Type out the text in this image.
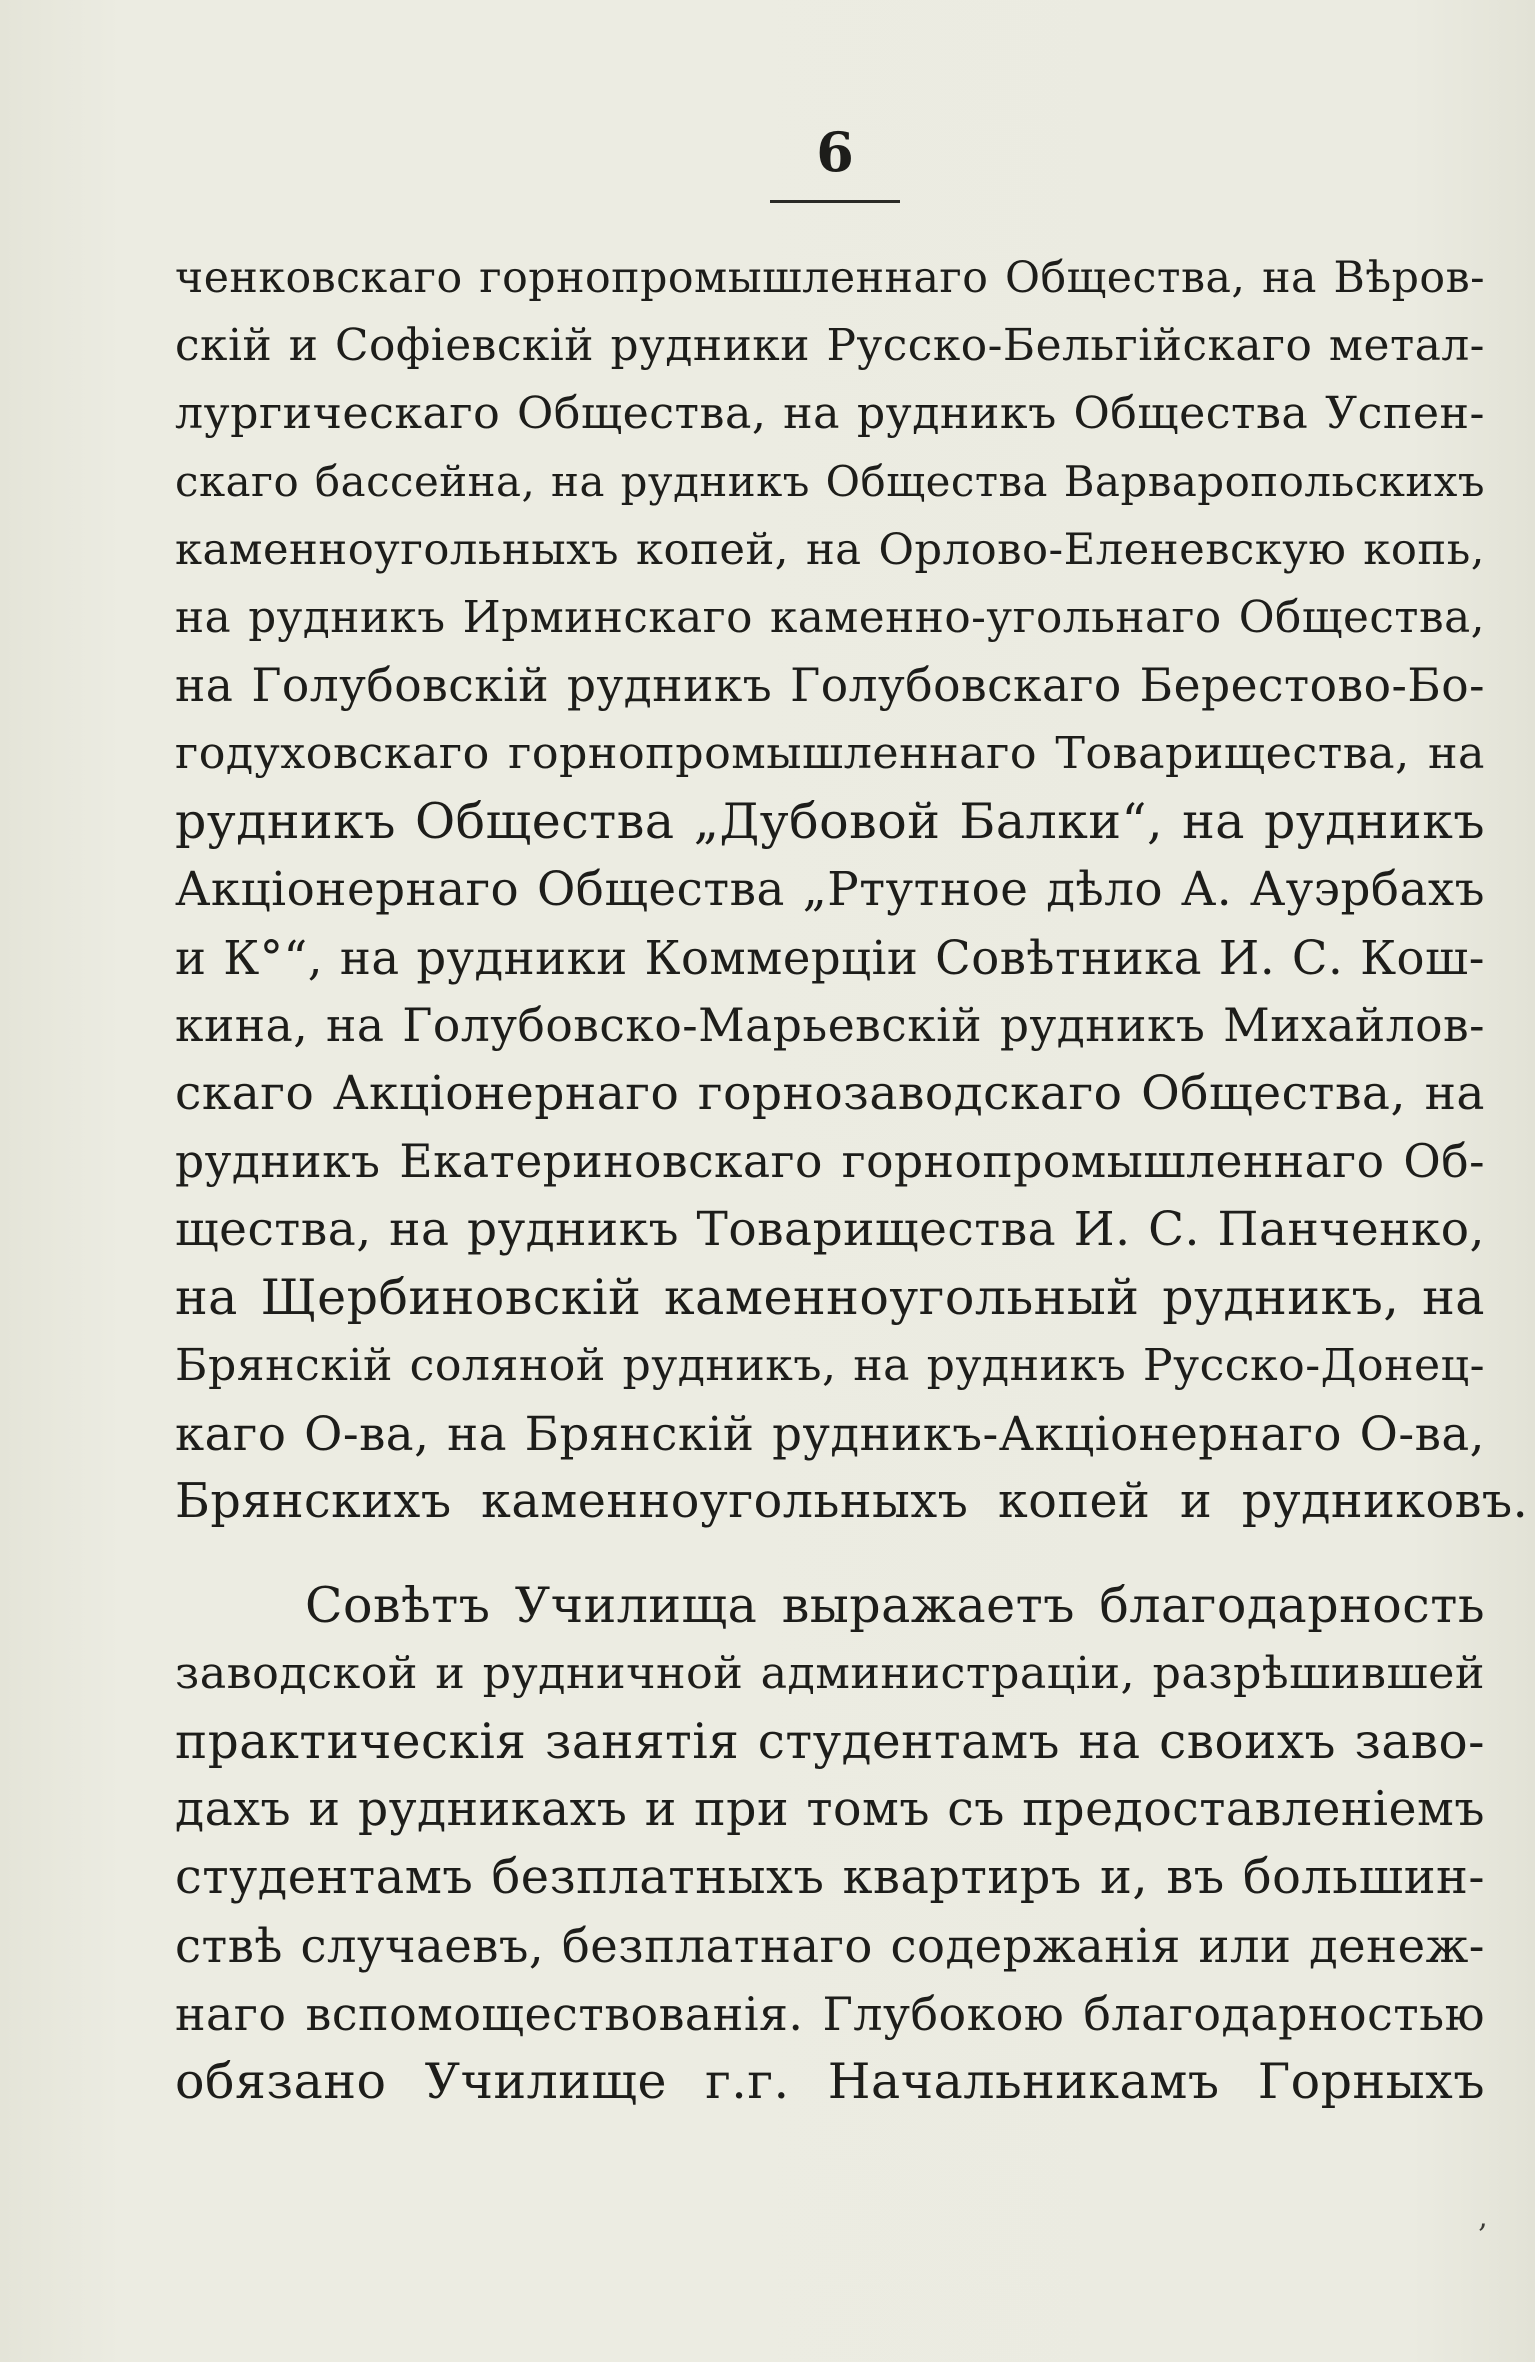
6
ченковскаго горнопромышленнаго Общества, на Вѣров-
скій и Софіевскій рудники Русско-Бельгійскаго метал-
лургическаго Общества, на рудникъ Общества Успен-
скаго бассейна, на рудникъ Общества Варваропольскихъ
каменноугольныхъ копей, на Орлово-Еленевскую копь,
на рудникъ Ирминскаго каменно-угольнаго Общества,
на Голубовскій рудникъ Голубовскаго Берестово-Бо-
годуховскаго горнопромышленнаго Товарищества, на
рудникъ Общества „Дубовой Балки“, на рудникъ
Акціонернаго Общества „Ртутное дѣло А. Ауэрбахъ
и К°“, на рудники Коммерціи Совѣтника И. С. Кош-
кина, на Голубовско-Марьевскій рудникъ Михайлов-
скаго Акціонернаго горнозаводскаго Общества, на
рудникъ Екатериновскаго горнопромышленнаго Об-
щества, на рудникъ Товарищества И. С. Панченко,
на Щербиновскій каменноугольный рудникъ, на
Брянскій соляной рудникъ, на рудникъ Русско-Донец-
каго О-ва, на Брянскій рудникъ-Акціонернаго О-ва,
Брянскихъ каменноугольныхъ копей и рудниковъ.
Совѣтъ Училища выражаетъ благодарность
заводской и рудничной администраціи, разрѣшившей
практическія занятія студентамъ на своихъ заво-
дахъ и рудникахъ и при томъ съ предоставленіемъ
студентамъ безплатныхъ квартиръ и, въ большин-
ствѣ случаевъ, безплатнаго содержанія или денеж-
наго вспомоществованія. Глубокою благодарностью
обязано Училище г.г. Начальникамъ Горныхъ
‚
